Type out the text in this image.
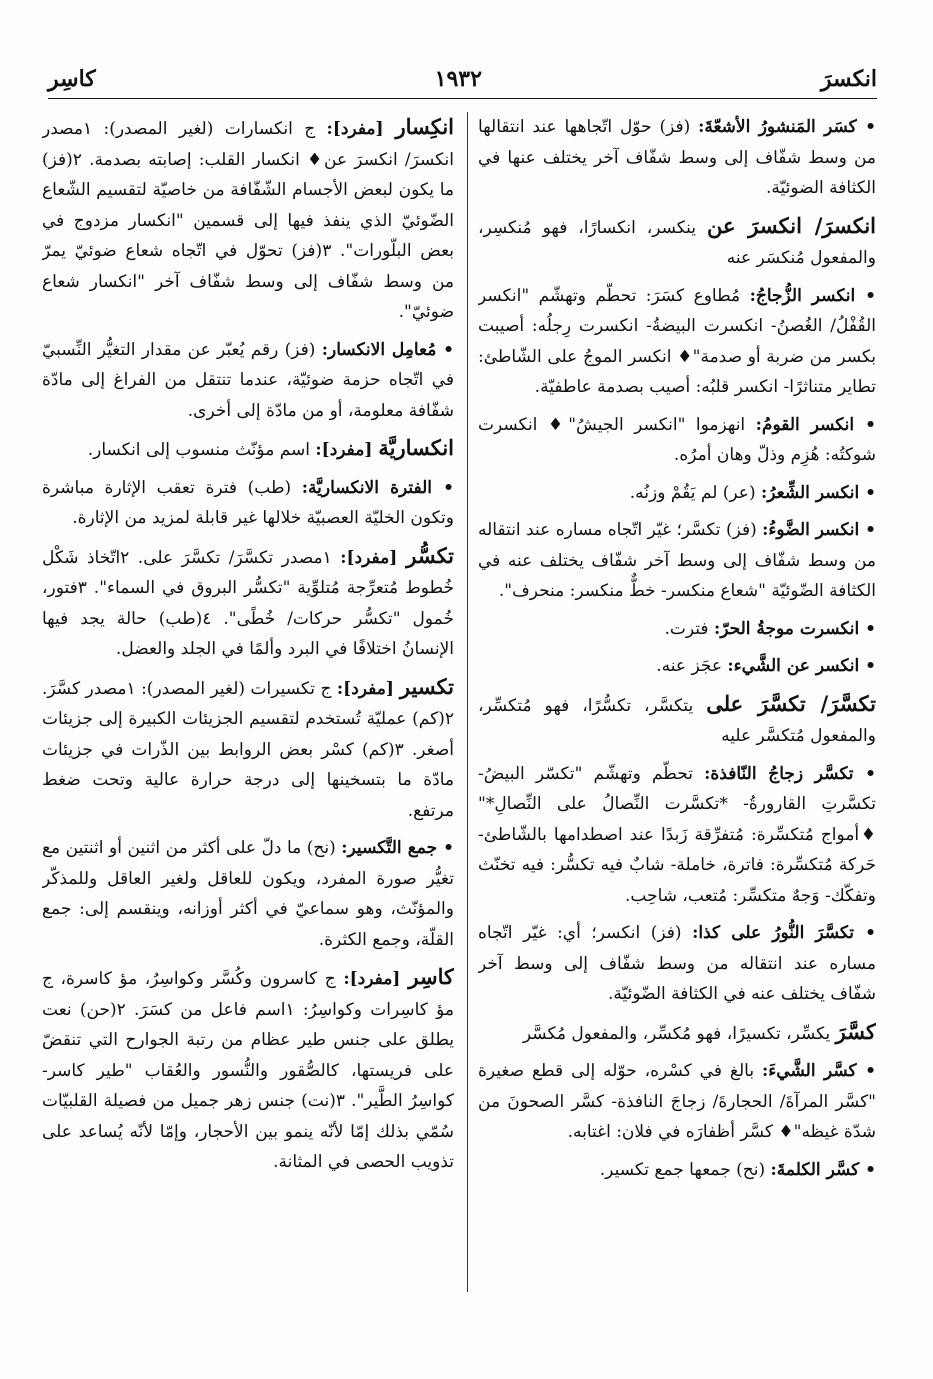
انكسرَ
١٩٣٢
كاسِر

• كسَر المَنشورُ الأشعّةَ: (فز) حوّل اتّجاهها عند انتقالها من وسط شفّاف إلى وسط شفّاف آخر يختلف عنها في الكثافة الضوئيّة.

انكسرَ/ انكسرَ عن ينكسر، انكسارًا، فهو مُنكسِر، والمفعول مُنكسَر عنه

• انكسر الزُّجاجُ: مُطاوع كسَرَ: تحطّم وتهشّم "انكسر القُفْلُ/ الغُصنُ- انكسرت البيضةُ- انكسرت رِجلُه: أصيبت بكسر من ضربة أو صدمة"♦ انكسر الموجُ على الشّاطئ: تطاير متناثرًا- انكسر قلبُه: أصيب بصدمة عاطفيّة.

• انكسر القومُ: انهزموا "انكسر الجيشُ"♦ انكسرت شوكتُه: هُزِم وذلّ وهان أمرُه.

• انكسر الشِّعرُ: (عر) لم يَقُمْ وزنُه.

• انكسر الضَّوءُ: (فز) تكسَّر؛ غيّر اتّجاه مساره عند انتقاله من وسط شفّاف إلى وسط آخر شفّاف يختلف عنه في الكثافة الضّوئيّة "شعاع منكسر- خطٌّ منكسر: منحرف".

• انكسرت موجةُ الحرّ: فترت.

• انكسر عن الشَّيء: عجَز عنه.

تكسَّرَ/ تكسَّرَ على يتكسَّر، تكسُّرًا، فهو مُتكسِّر، والمفعول مُتكسَّر عليه

• تكسَّر زجاجُ النّافذة: تحطّم وتهشّم "تكسّر البيضُ- تكسَّرتِ القارورةُ- *تكسَّرت النِّصالُ على النِّصالِ*" ♦أمواج مُتكسِّرة: مُتفرِّقة زَبدًا عند اصطدامها بالشّاطئ- حَركة مُتكسِّرة: فاترة، خاملة- شابٌ فيه تكسُّر: فيه تخنّث وتفكّك- وَجهٌ متكسِّر: مُتعب، شاحِب.

• تكسَّرَ النُّورُ على كذا: (فز) انكسر؛ أي: غيّر اتّجاه مساره عند انتقاله من وسط شفّاف إلى وسط آخر شفّاف يختلف عنه في الكثافة الضّوئيّة.

كسَّرَ يكسِّر، تكسيرًا، فهو مُكسِّر، والمفعول مُكسَّر

• كسَّر الشَّيءَ: بالغ في كسْره، حوّله إلى قطع صغيرة "كسَّر المرآةَ/ الحجارةَ/ زجاجَ النافذة- كسَّر الصحونَ من شدّة غيظه"♦ كسَّر أظفارَه في فلان: اغتابه.

• كسَّر الكلمةَ: (نح) جمعها جمع تكسير.

انكِسار [مفرد]: ج انكسارات (لغير المصدر): ١مصدر انكسرَ/ انكسرَ عن♦ انكسار القلب: إصابته بصدمة. ٢(فز) ما يكون لبعض الأجسام الشّفّافة من خاصيّة لتقسيم الشّعاع الضّوئيّ الذي ينفذ فيها إلى قسمين "انكسار مزدوج في بعض البلّورات". ٣(فز) تحوّل في اتّجاه شعاع ضوئيّ يمرّ من وسط شفّاف إلى وسط شفّاف آخر "انكسار شعاع ضوئيّ".

• مُعامِل الانكسار: (فز) رقم يُعبّر عن مقدار التغيُّر النِّسبيّ في اتّجاه حزمة ضوئيّة، عندما تنتقل من الفراغ إلى مادّة شفّافة معلومة، أو من مادّة إلى أخرى.

انكساريَّة [مفرد]: اسم مؤنّث منسوب إلى انكسار.

• الفترة الانكساريَّة: (طب) فترة تعقب الإثارة مباشرة وتكون الخليّة العصبيّة خلالها غير قابلة لمزيد من الإثارة.

تكسُّر [مفرد]: ١مصدر تكسَّرَ/ تكسَّرَ على. ٢اتّخاذ شَكْل خُطوط مُتعرِّجة مُتلوِّية "تكسُّر البروق في السماء". ٣فتور، خُمول "تكسُّر حركات/ خُطًى". ٤(طب) حالة يجد فيها الإنسانُ اختلافًا في البرد وألمًا في الجلد والعضل.

تكسير [مفرد]: ج تكسيرات (لغير المصدر): ١مصدر كسَّرَ. ٢(كم) عمليّة تُستخدم لتقسيم الجزيئات الكبيرة إلى جزيئات أصغر. ٣(كم) كسْر بعض الروابط بين الذّرات في جزيئات مادّة ما بتسخينها إلى درجة حرارة عالية وتحت ضغط مرتفع.

• جمع التَّكسير: (نح) ما دلّ على أكثر من اثنين أو اثنتين مع تغيُّر صورة المفرد، ويكون للعاقل ولغير العاقل وللمذكّر والمؤنّث، وهو سماعيّ في أكثر أوزانه، وينقسم إلى: جمع القلّة، وجمع الكثرة.

كاسِر [مفرد]: ج كاسرون وكُسَّر وكواسِرُ، مؤ كاسرة، ج مؤ كاسِرات وكواسِرُ: ١اسم فاعل من كسَرَ. ٢(حن) نعت يطلق على جنس طير عظام من رتبة الجوارح التي تنقضّ على فريستها، كالصُّقور والنُّسور والعُقاب "طير كاسر- كواسِرُ الطَّير". ٣(نت) جنس زهر جميل من فصيلة القلبيّات سُمّي بذلك إمّا لأنّه ينمو بين الأحجار، وإمّا لأنّه يُساعد على تذويب الحصى في المثانة.
